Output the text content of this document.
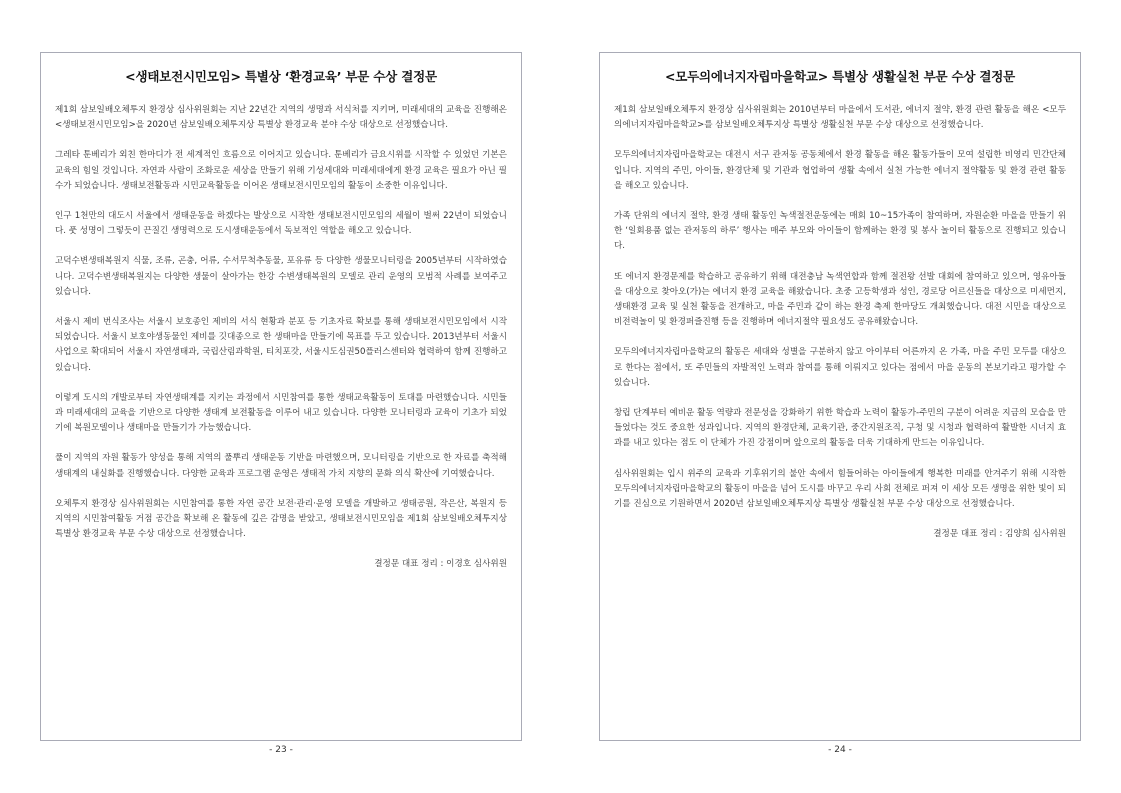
<생태보전시민모임> 특별상 ‘환경교육’ 부문 수상 결정문

제1회 삼보일배오체투지 환경상 심사위원회는 지난 22년간 지역의 생명과 서식처를 지키며, 미래세대의 교육을 진행해온 <생태보전시민모임>을 2020년 삼보일배오체투지상 특별상 환경교육 분야 수상 대상으로 선정했습니다.

그레타 툰베리가 외친 한마디가 전 세계적인 흐름으로 이어지고 있습니다. 툰베리가 금요시위를 시작할 수 있었던 기본은 교육의 힘일 것입니다. 자연과 사람이 조화로운 세상을 만들기 위해 기성세대와 미래세대에게 환경 교육은 필요가 아닌 필수가 되었습니다. 생태보전활동과 시민교육활동을 이어온 생태보전시민모임의 활동이 소중한 이유입니다.

인구 1천만의 대도시 서울에서 생태운동을 하겠다는 발상으로 시작한 생태보전시민모임의 세월이 벌써 22년이 되었습니다. 풋 성명이 그렇듯이 끈질긴 생명력으로 도시생태운동에서 독보적인 역할을 해오고 있습니다.

고덕수변생태복원지 식물, 조류, 곤충, 어류, 수서무척추동물, 포유류 등 다양한 생물모니터링을 2005년부터 시작하였습니다. 고덕수변생태복원지는 다양한 생물이 살아가는 한강 수변생태복원의 모델로 관리 운영의 모범적 사례를 보여주고 있습니다.

서울시 제비 번식조사는 서울시 보호종인 제비의 서식 현황과 분포 등 기초자료 확보를 통해 생태보전시민모임에서 시작되었습니다. 서울시 보호야생동물인 제비를 깃대종으로 한 생태마을 만들기에 목표를 두고 있습니다. 2013년부터 서울시 사업으로 확대되어 서울시 자연생태과, 국립산림과학원, 티치포갓, 서울시도심권50플러스센터와 협력하여 함께 진행하고 있습니다.

이렇게 도시의 개발로부터 자연생태계를 지키는 과정에서 시민참여를 통한 생태교육활동이 토대를 마련했습니다. 시민들과 미래세대의 교육을 기반으로 다양한 생태계 보전활동을 이루어 내고 있습니다. 다양한 모니터링과 교육이 기초가 되었기에 복원모델이나 생태마을 만들기가 가능했습니다.

풀이 지역의 자원 활동가 양성을 통해 지역의 풀뿌리 생태운동 기반을 마련했으며, 모니터링을 기반으로 한 자료를 축적해 생태계의 내실화를 진행했습니다. 다양한 교육과 프로그램 운영은 생태적 가치 지향의 문화 의식 확산에 기여했습니다.

오체투지 환경상 심사위원회는 시민참여를 통한 자연 공간 보전·관리·운영 모델을 개발하고 생태공원, 작은산, 복원지 등 지역의 시민참여활동 거점 공간을 확보해 온 활동에 깊은 감명을 받았고, 생태보전시민모임을 제1회 삼보일배오체투지상 특별상 환경교육 부문 수상 대상으로 선정했습니다.

결정문 대표 정리 : 이경호 심사위원
- 23 -
<모두의에너지자립마을학교> 특별상 생활실천 부문 수상 결정문

제1회 삼보일배오체투지 환경상 심사위원회는 2010년부터 마을에서 도서관, 에너지 절약, 환경 관련 활동을 해온 <모두의에너지자립마을학교>를 삼보일배오체투지상 특별상 생활실천 부문 수상 대상으로 선정했습니다.

모두의에너지자립마을학교는 대전시 서구 관저동 공동체에서 환경 활동을 해온 활동가들이 모여 설립한 비영리 민간단체입니다. 지역의 주민, 아이들, 환경단체 및 기관과 협업하여 생활 속에서 실천 가능한 에너지 절약활동 및 환경 관련 활동을 해오고 있습니다.

가족 단위의 에너지 절약, 환경 생태 활동인 녹색절전운동에는 매회 10~15가족이 참여하며, 자원순환 마을을 만들기 위한 ‘일회용품 없는 관저동의 하루’ 행사는 매주 부모와 아이들이 함께하는 환경 및 봉사 놀이터 활동으로 진행되고 있습니다.

또 에너지 환경문제를 학습하고 공유하기 위해 대전충남 녹색연합과 함께 절전왕 선발 대회에 참여하고 있으며, 영유아들을 대상으로 찾아오(가)는 에너지 환경 교육을 해왔습니다. 초중 고등학생과 성인, 경로당 어르신들을 대상으로 미세먼지, 생태환경 교육 및 실천 활동을 전개하고, 마을 주민과 같이 하는 환경 축제 한마당도 개최했습니다. 대전 시민을 대상으로 비전력놀이 및 환경퍼즐진행 등을 진행하며 에너지절약 필요성도 공유해왔습니다.

모두의에너지자립마을학교의 활동은 세대와 성별을 구분하지 않고 아이부터 어른까지 온 가족, 마을 주민 모두를 대상으로 한다는 점에서, 또 주민들의 자발적인 노력과 참여를 통해 이뤄지고 있다는 점에서 마을 운동의 본보기라고 평가할 수 있습니다.

창립 단계부터 예비운 활동 역량과 전문성을 강화하기 위한 학습과 노력이 활동가-주민의 구분이 어려운 지금의 모습을 만들었다는 것도 중요한 성과입니다. 지역의 환경단체, 교육기관, 중간지원조직, 구청 및 시청과 협력하여 활발한 시너지 효과를 내고 있다는 점도 이 단체가 가진 강점이며 앞으로의 활동을 더욱 기대하게 만드는 이유입니다.

심사위원회는 입시 위주의 교육과 기후위기의 불안 속에서 힘들어하는 아이들에게 행복한 미래를 안겨주기 위해 시작한 모두의에너지자립마을학교의 활동이 마을을 넘어 도시를 바꾸고 우리 사회 전체로 퍼져 이 세상 모든 생명을 위한 빛이 되기를 진심으로 기원하면서 2020년 삼보일배오체투지상 특별상 생활실천 부문 수상 대상으로 선정했습니다.

결정문 대표 정리 : 김양희 심사위원
- 24 -
